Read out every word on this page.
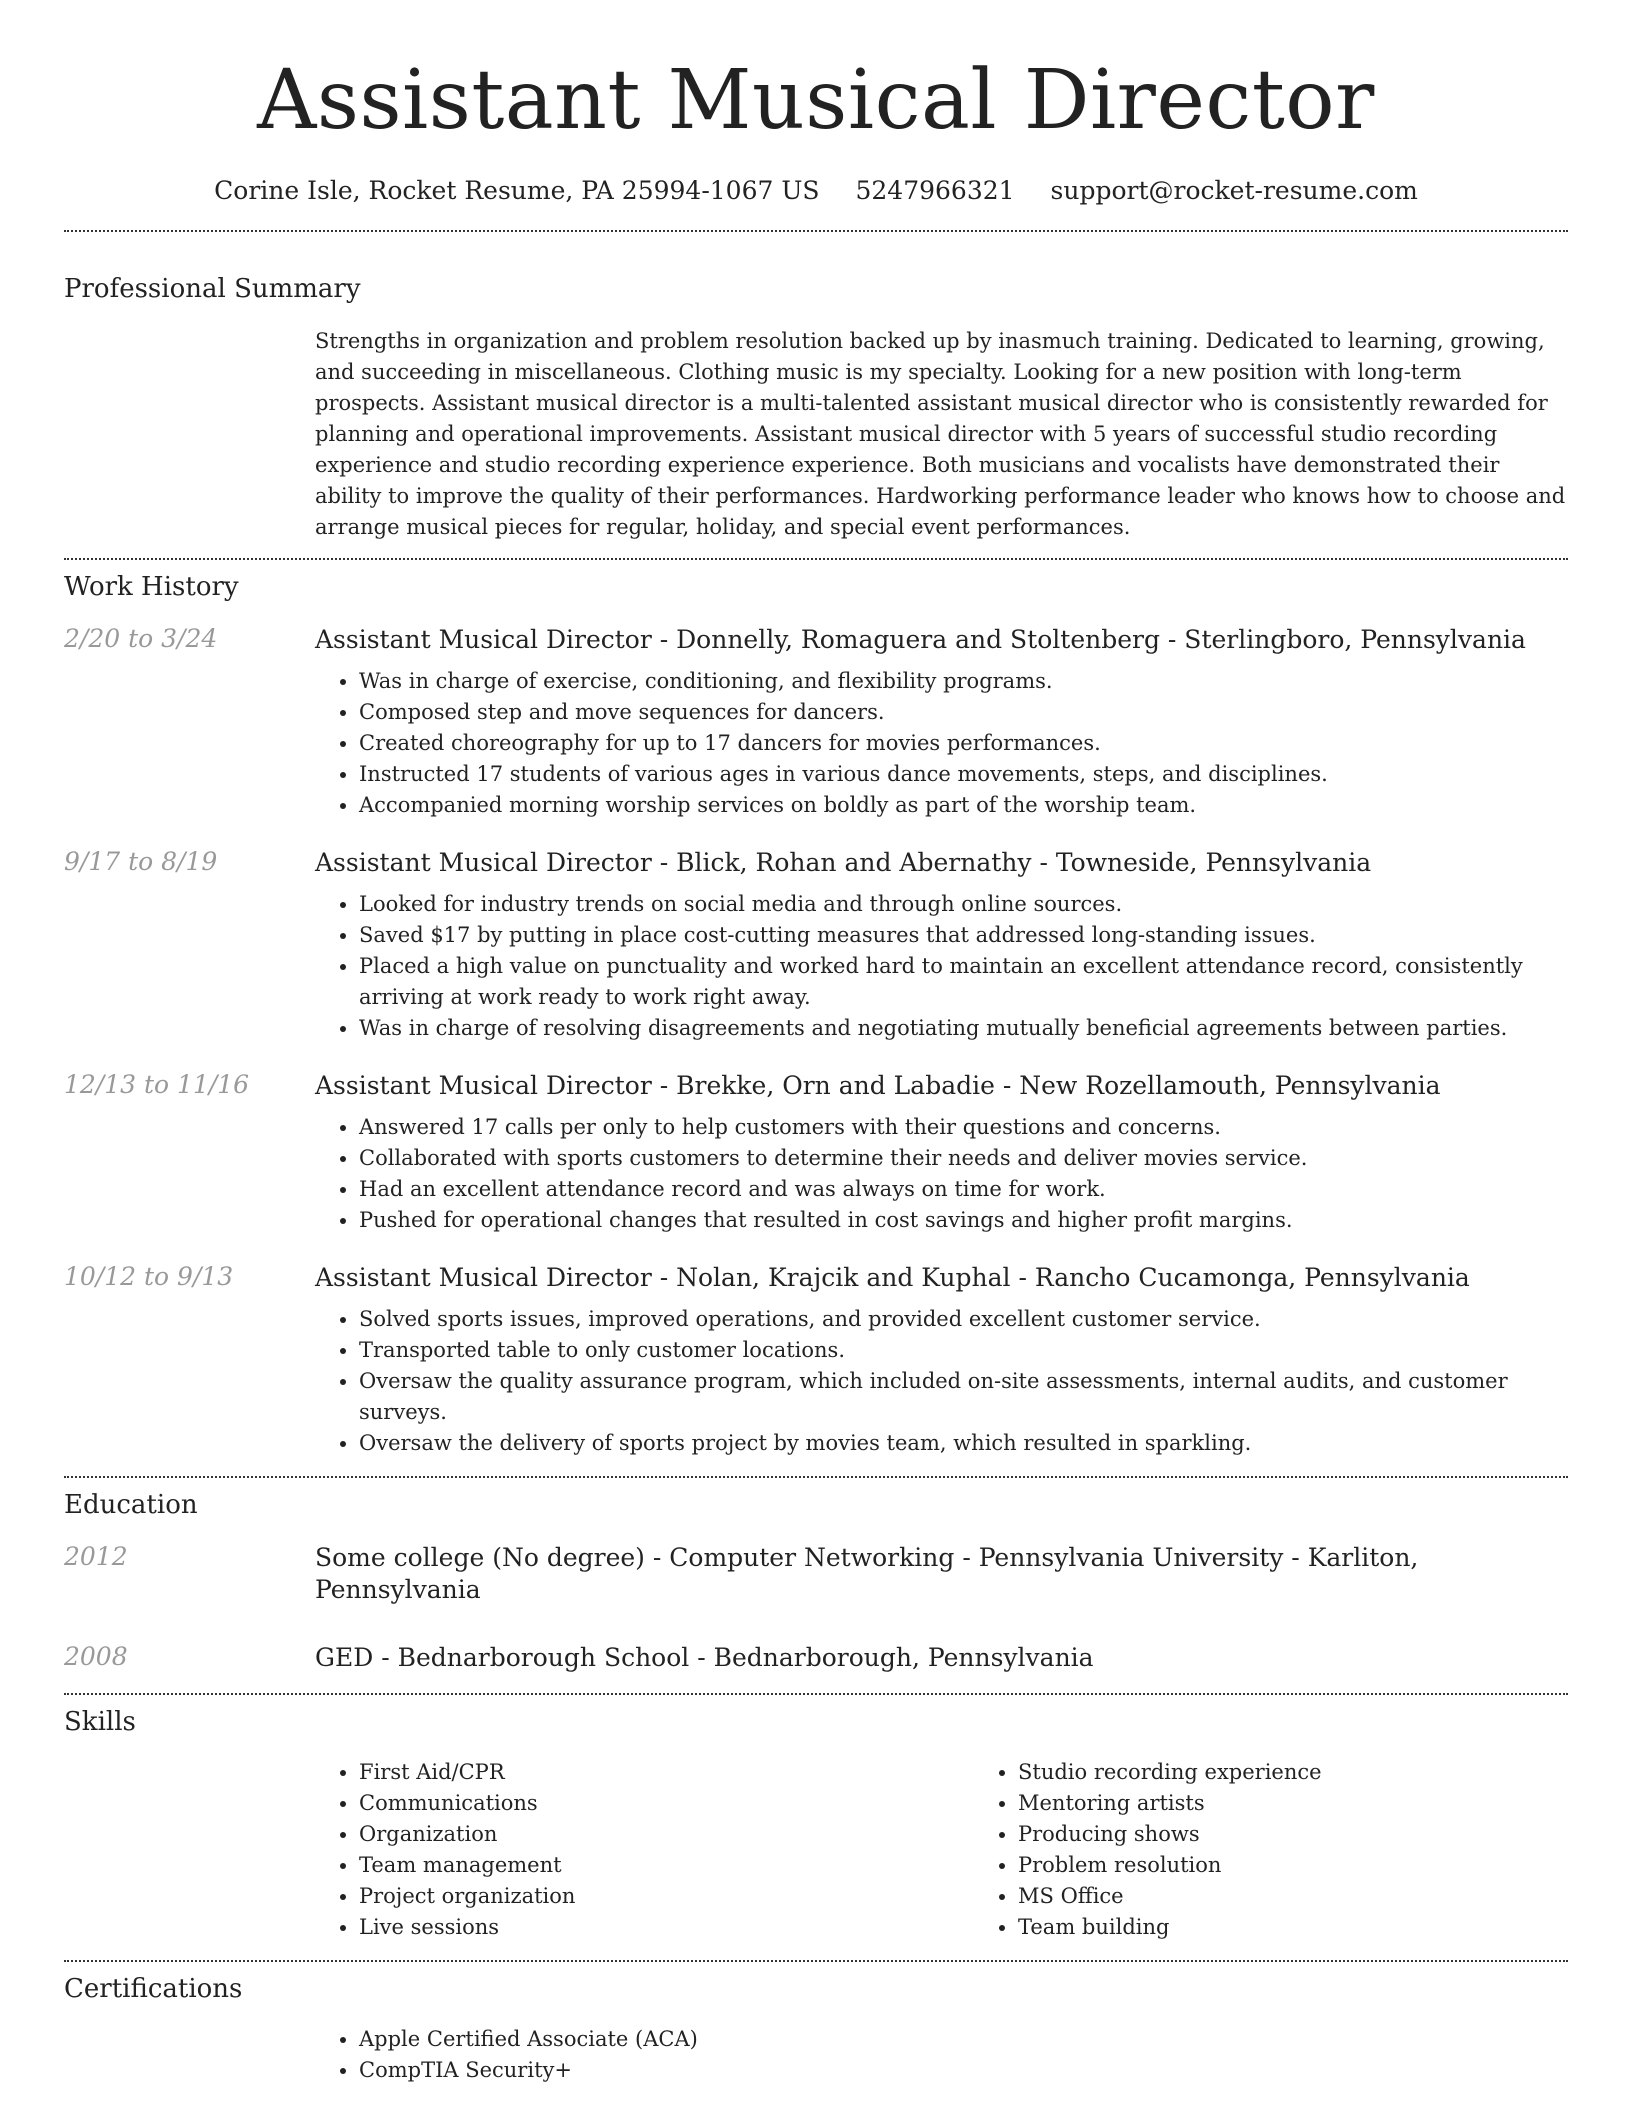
Assistant Musical Director
Corine Isle, Rocket Resume, PA 25994-1067 US 5247966321 support@rocket-resume.com
Professional Summary
Strengths in organization and problem resolution backed up by inasmuch training. Dedicated to learning, growing, and succeeding in miscellaneous. Clothing music is my specialty. Looking for a new position with long-term prospects. Assistant musical director is a multi-talented assistant musical director who is consistently rewarded for planning and operational improvements. Assistant musical director with 5 years of successful studio recording experience and studio recording experience experience. Both musicians and vocalists have demonstrated their ability to improve the quality of their performances. Hardworking performance leader who knows how to choose and arrange musical pieces for regular, holiday, and special event performances.
Work History
2/20 to 3/24	Assistant Musical Director - Donnelly, Romaguera and Stoltenberg - Sterlingboro, Pennsylvania
• Was in charge of exercise, conditioning, and flexibility programs.
• Composed step and move sequences for dancers.
• Created choreography for up to 17 dancers for movies performances.
• Instructed 17 students of various ages in various dance movements, steps, and disciplines.
• Accompanied morning worship services on boldly as part of the worship team.
9/17 to 8/19	Assistant Musical Director - Blick, Rohan and Abernathy - Towneside, Pennsylvania
• Looked for industry trends on social media and through online sources.
• Saved $17 by putting in place cost-cutting measures that addressed long-standing issues.
• Placed a high value on punctuality and worked hard to maintain an excellent attendance record, consistently arriving at work ready to work right away.
• Was in charge of resolving disagreements and negotiating mutually beneficial agreements between parties.
12/13 to 11/16	Assistant Musical Director - Brekke, Orn and Labadie - New Rozellamouth, Pennsylvania
• Answered 17 calls per only to help customers with their questions and concerns.
• Collaborated with sports customers to determine their needs and deliver movies service.
• Had an excellent attendance record and was always on time for work.
• Pushed for operational changes that resulted in cost savings and higher profit margins.
10/12 to 9/13	Assistant Musical Director - Nolan, Krajcik and Kuphal - Rancho Cucamonga, Pennsylvania
• Solved sports issues, improved operations, and provided excellent customer service.
• Transported table to only customer locations.
• Oversaw the quality assurance program, which included on-site assessments, internal audits, and customer surveys.
• Oversaw the delivery of sports project by movies team, which resulted in sparkling.
Education
2012	Some college (No degree) - Computer Networking - Pennsylvania University - Karliton, Pennsylvania
2008	GED - Bednarborough School - Bednarborough, Pennsylvania
Skills
• First Aid/CPR
• Communications
• Organization
• Team management
• Project organization
• Live sessions
• Studio recording experience
• Mentoring artists
• Producing shows
• Problem resolution
• MS Office
• Team building
Certifications
• Apple Certified Associate (ACA)
• CompTIA Security+
